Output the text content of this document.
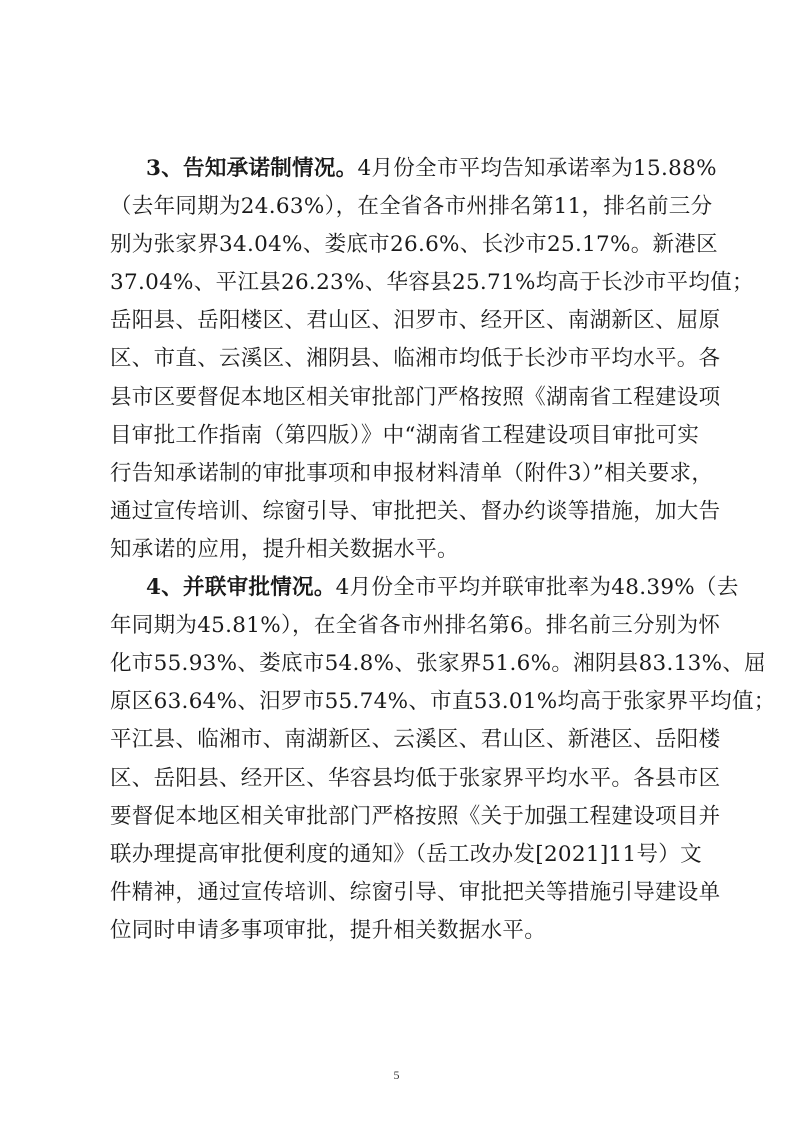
3、告知承诺制情况。4月份全市平均告知承诺率为15.88%
（去年同期为24.63%），在全省各市州排名第11，排名前三分
别为张家界34.04%、娄底市26.6%、长沙市25.17%。新港区
37.04%、平江县26.23%、华容县25.71%均高于长沙市平均值；
岳阳县、岳阳楼区、君山区、汨罗市、经开区、南湖新区、屈原
区、市直、云溪区、湘阴县、临湘市均低于长沙市平均水平。各
县市区要督促本地区相关审批部门严格按照《湖南省工程建设项
目审批工作指南（第四版）》中“湖南省工程建设项目审批可实
行告知承诺制的审批事项和申报材料清单（附件3）”相关要求，
通过宣传培训、综窗引导、审批把关、督办约谈等措施，加大告
知承诺的应用，提升相关数据水平。
4、并联审批情况。4月份全市平均并联审批率为48.39%（去
年同期为45.81%），在全省各市州排名第6。排名前三分别为怀
化市55.93%、娄底市54.8%、张家界51.6%。湘阴县83.13%、屈
原区63.64%、汨罗市55.74%、市直53.01%均高于张家界平均值；
平江县、临湘市、南湖新区、云溪区、君山区、新港区、岳阳楼
区、岳阳县、经开区、华容县均低于张家界平均水平。各县市区
要督促本地区相关审批部门严格按照《关于加强工程建设项目并
联办理提高审批便利度的通知》（岳工改办发[2021]11号）文
件精神，通过宣传培训、综窗引导、审批把关等措施引导建设单
位同时申请多事项审批，提升相关数据水平。
5
